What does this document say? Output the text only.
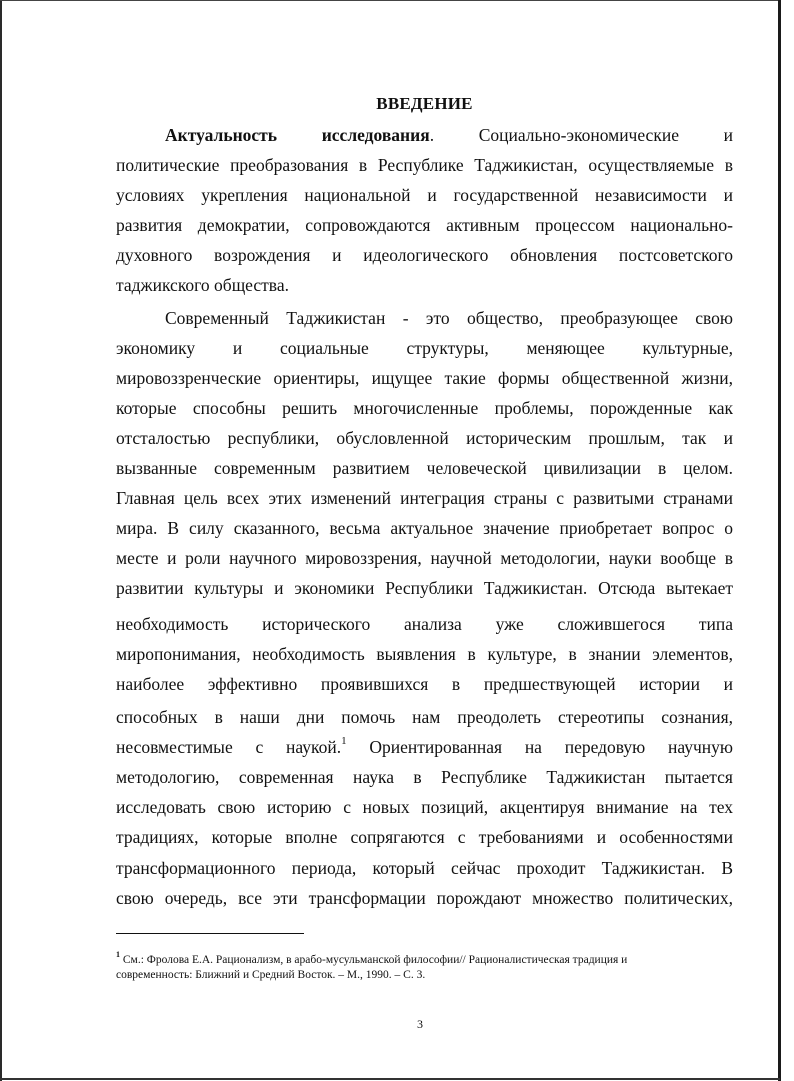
ВВЕДЕНИЕ
Актуальность исследования. Социально-экономические и
политические преобразования в Республике Таджикистан, осуществляемые в
условиях укрепления национальной и государственной независимости и
развития демократии, сопровождаются активным процессом национально-
духовного возрождения и идеологического обновления постсоветского
таджикского общества.
Современный Таджикистан - это общество, преобразующее свою
экономику и социальные структуры, меняющее культурные,
мировоззренческие ориентиры, ищущее такие формы общественной жизни,
которые способны решить многочисленные проблемы, порожденные как
отсталостью республики, обусловленной историческим прошлым, так и
вызванные современным развитием человеческой цивилизации в целом.
Главная цель всех этих изменений интеграция страны с развитыми странами
мира. В силу сказанного, весьма актуальное значение приобретает вопрос о
месте и роли научного мировоззрения, научной методологии, науки вообще в
развитии культуры и экономики Республики Таджикистан. Отсюда вытекает
необходимость исторического анализа уже сложившегося типа
миропонимания, необходимость выявления в культуре, в знании элементов,
наиболее эффективно проявившихся в предшествующей истории и
способных в наши дни помочь нам преодолеть стереотипы сознания,
несовместимые с наукой.$^1$ Ориентированная на передовую научную
методологию, современная наука в Республике Таджикистан пытается
исследовать свою историю с новых позиций, акцентируя внимание на тех
традициях, которые вполне сопрягаются с требованиями и особенностями
трансформационного периода, который сейчас проходит Таджикистан. В
свою очередь, все эти трансформации порождают множество политических,
$^1$ См.: Фролова Е.А. Рационализм, в арабо-мусульманской философии// Рационалистическая традиция и
современность: Ближний и Средний Восток. – М., 1990. – С. 3.
3
